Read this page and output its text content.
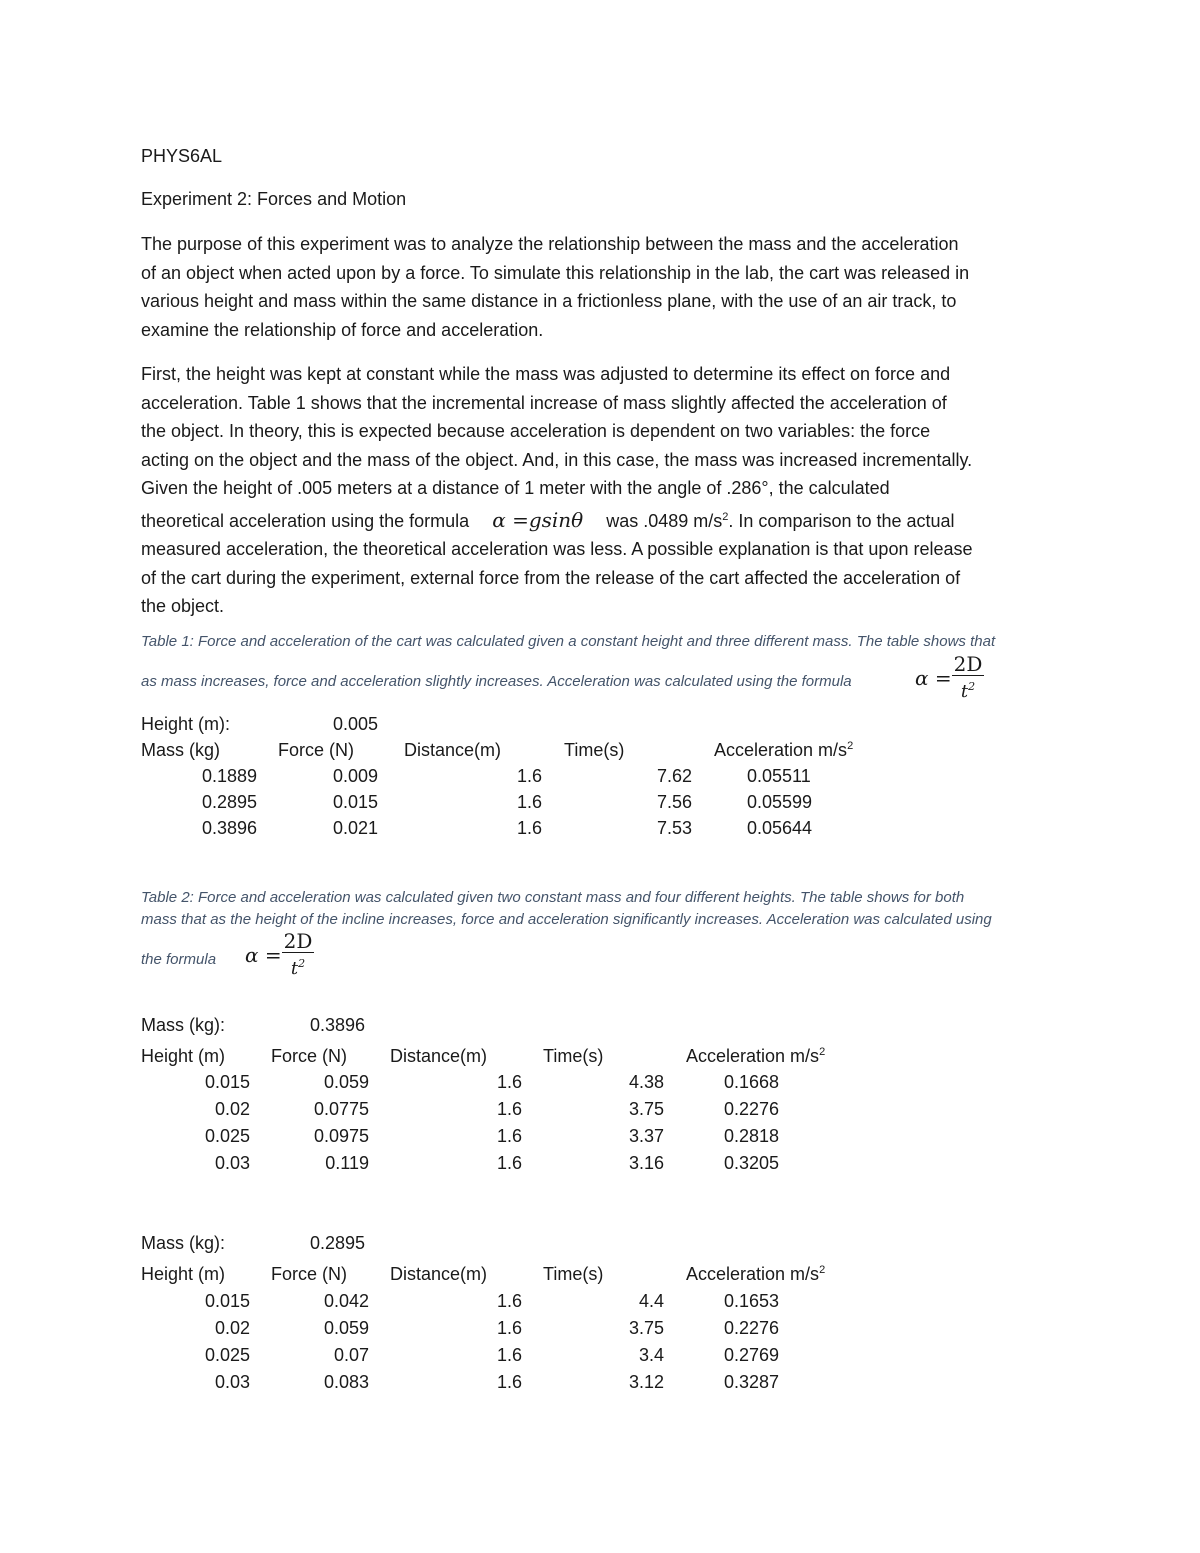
PHYS6AL
Experiment 2: Forces and Motion
The purpose of this experiment was to analyze the relationship between the mass and the acceleration
of an object when acted upon by a force. To simulate this relationship in the lab, the cart was released in
various height and mass within the same distance in a frictionless plane, with the use of an air track, to
examine the relationship of force and acceleration.
First, the height was kept at constant while the mass was adjusted to determine its effect on force and
acceleration. Table 1 shows that the incremental increase of mass slightly affected the acceleration of
the object. In theory, this is expected because acceleration is dependent on two variables: the force
acting on the object and the mass of the object. And, in this case, the mass was increased incrementally.
Given the height of .005 meters at a distance of 1 meter with the angle of .286°, the calculated
theoretical acceleration using the formula α =gsinθ was .0489 $m/s^2$. In comparison to the actual
measured acceleration, the theoretical acceleration was less. A possible explanation is that upon release
of the cart during the experiment, external force from the release of the cart affected the acceleration of
the object.
Table 1: Force and acceleration of the cart was calculated given a constant height and three different mass. The table shows that
as mass increases, force and acceleration slightly increases. Acceleration was calculated using the formula	$\alpha = \frac{2D}{t^2}$
Height (m):	0.005
Mass (kg)	Force (N)	Distance(m)	Time(s)	Acceleration $m/s^2$
0.1889	0.009	1.6	7.62	0.05511
0.2895	0.015	1.6	7.56	0.05599
0.3896	0.021	1.6	7.53	0.05644
Table 2: Force and acceleration was calculated given two constant mass and four different heights. The table shows for both
mass that as the height of the incline increases, force and acceleration significantly increases. Acceleration was calculated using
the formula $\alpha = \frac{2D}{t^2}$
Mass (kg):	0.3896
Height (m)	Force (N) Distance(m)	Time(s)	Acceleration $m/s^2$
0.015	0.059	1.6	4.38	0.1668
0.02	0.0775	1.6	3.75	0.2276
0.025	0.0975	1.6	3.37	0.2818
0.03	0.119	1.6	3.16	0.3205
Mass (kg):	0.2895
Height (m)	Force (N) Distance(m)	Time(s)	Acceleration $m/s^2$
0.015	0.042	1.6	4.4	0.1653
0.02	0.059	1.6	3.75	0.2276
0.025	0.07	1.6	3.4	0.2769
0.03	0.083	1.6	3.12	0.3287
